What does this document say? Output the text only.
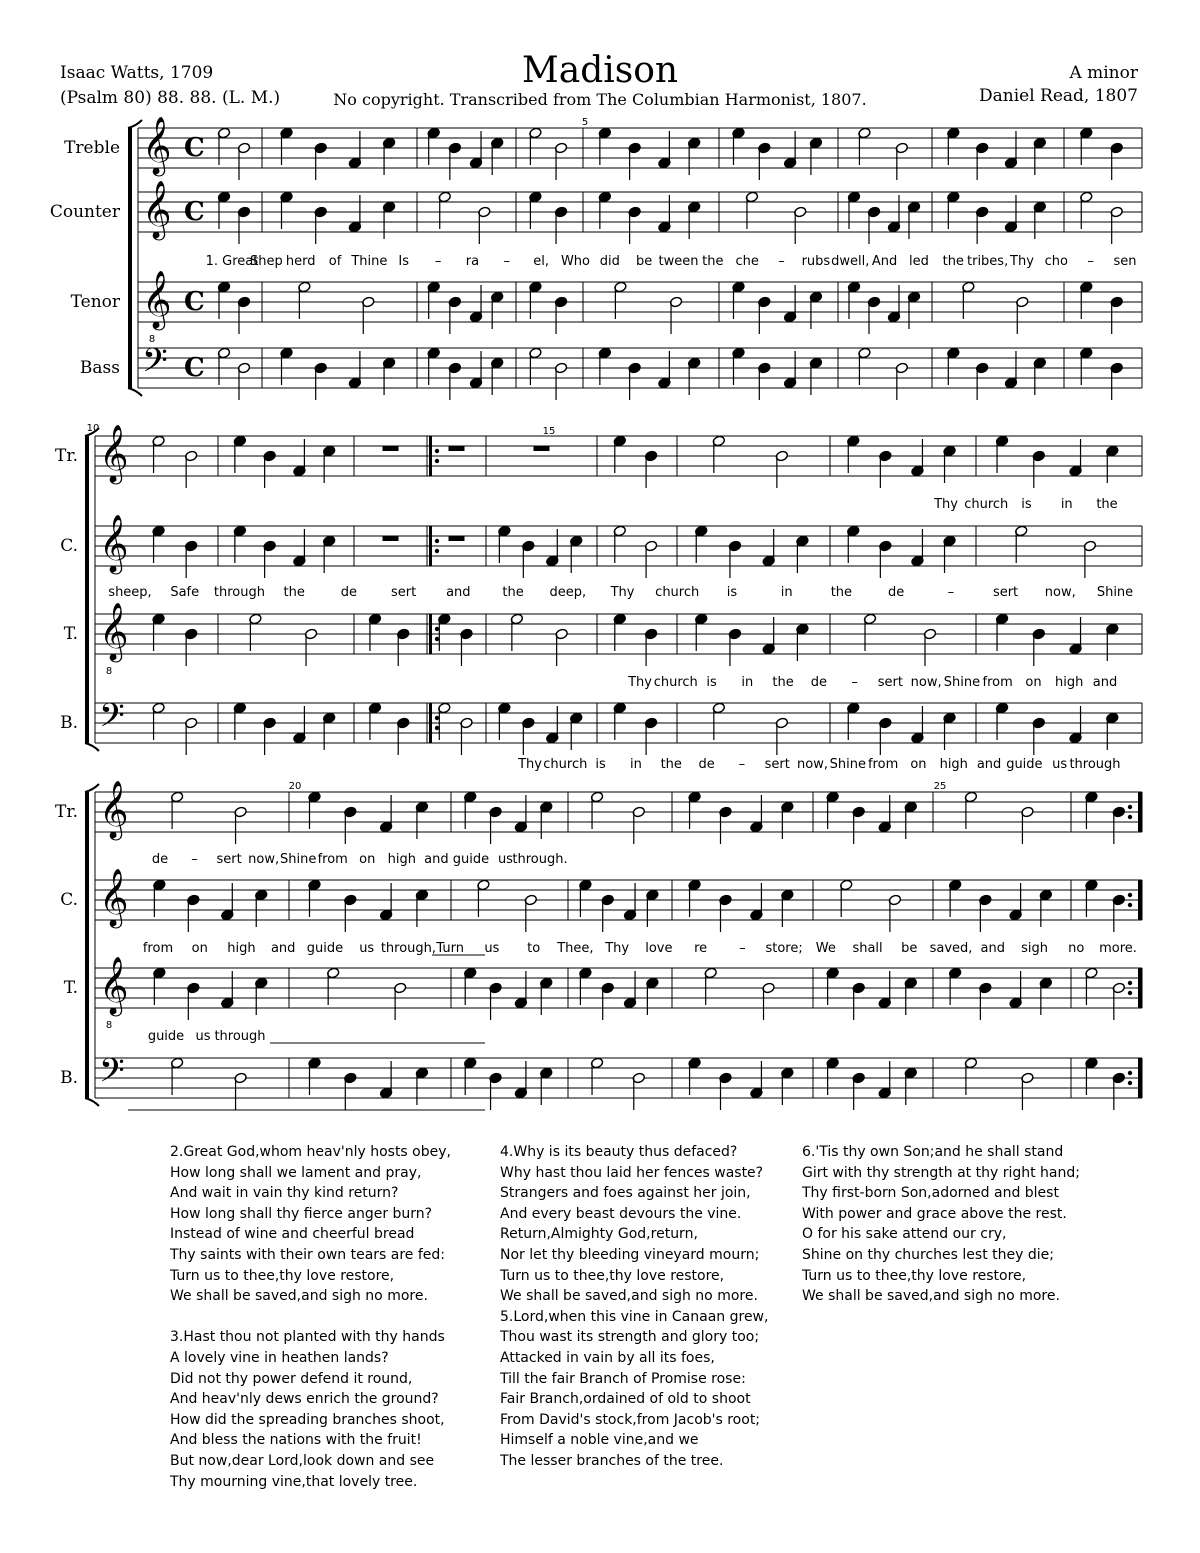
Madison
No copyright. Transcribed from The Columbian Harmonist, 1807.
Isaac Watts, 1709
(Psalm 80) 88. 88. (L. M.)
A minor
Daniel Read, 1807
𝄞 C
𝄞 C
𝄞
8
C
𝄢 C
𝄞
𝄞
𝄞
8
𝄢
𝄞
𝄞
𝄞
8
𝄢
Treble
Counter
Tenor
Bass
Tr.
C.
T.
B.
Tr.
C.
T.
B.
5
10	15
20	25
1. Great
Shep herd of Thine Is – ra – el, Who did be tween the che – rubs dwell, And led the tribes, Thy cho – sen
Thy church is in the
sheep, Safe through the	de	sert and the deep, Thy church is	in	the	de	–	sert now, Shine
Thy church is in the de – sert now, Shine from on high and
Thy church is in the de – sert now, Shine from on high and guide us through
de – sert now, Shine from on high and guide us through.
from on high and guide us through, Turn us to Thee, Thy love re – store; We shall be saved, and sigh no more.
guide us through
2.Great God,whom heav'nly hosts obey,
How long shall we lament and pray,
And wait in vain thy kind return?
How long shall thy fierce anger burn?
Instead of wine and cheerful bread
Thy saints with their own tears are fed:
Turn us to thee,thy love restore,
We shall be saved,and sigh no more.

3.Hast thou not planted with thy hands
A lovely vine in heathen lands?
Did not thy power defend it round,
And heav'nly dews enrich the ground?
How did the spreading branches shoot,
And bless the nations with the fruit!
But now,dear Lord,look down and see
Thy mourning vine,that lovely tree.
4.Why is its beauty thus defaced?
Why hast thou laid her fences waste?
Strangers and foes against her join,
And every beast devours the vine.
Return,Almighty God,return,
Nor let thy bleeding vineyard mourn;
Turn us to thee,thy love restore,
We shall be saved,and sigh no more.
5.Lord,when this vine in Canaan grew,
Thou wast its strength and glory too;
Attacked in vain by all its foes,
Till the fair Branch of Promise rose:
Fair Branch,ordained of old to shoot
From David's stock,from Jacob's root;
Himself a noble vine,and we
The lesser branches of the tree.
6.'Tis thy own Son;and he shall stand
Girt with thy strength at thy right hand;
Thy first-born Son,adorned and blest
With power and grace above the rest.
O for his sake attend our cry,
Shine on thy churches lest they die;
Turn us to thee,thy love restore,
We shall be saved,and sigh no more.
